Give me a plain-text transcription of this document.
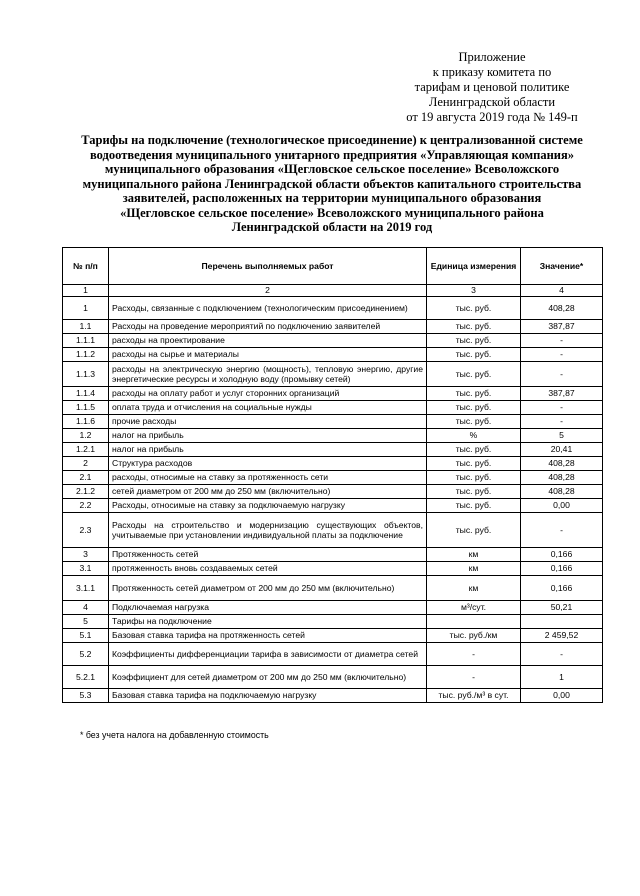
Приложение
к приказу комитета по
тарифам и ценовой политике
Ленинградской области
от 19 августа 2019 года № 149-п
Тарифы на подключение (технологическое присоединение) к централизованной системе
водоотведения муниципального унитарного предприятия «Управляющая компания»
муниципального образования «Щегловское сельское поселение» Всеволожского
муниципального района Ленинградской области объектов капитального строительства
заявителей, расположенных на территории муниципального образования
«Щегловское сельское поселение» Всеволожского муниципального района
Ленинградской области на 2019 год
№ п/п	Перечень выполняемых работ	Единица измерения	Значение*
1	2	3	4
1	Расходы, связанные с подключением (технологическим присоединением)	тыс. руб.	408,28
1.1	Расходы на проведение мероприятий по подключению заявителей	тыс. руб.	387,87
1.1.1	расходы на проектирование	тыс. руб.	-
1.1.2	расходы на сырье и материалы	тыс. руб.	-
1.1.3	расходы на электрическую энергию (мощность), тепловую энергию, другие энергетические ресурсы и холодную воду (промывку сетей)	тыс. руб.	-
1.1.4	расходы на оплату работ и услуг сторонних организаций	тыс. руб.	387,87
1.1.5	оплата труда и отчисления на социальные нужды	тыс. руб.	-
1.1.6	прочие расходы	тыс. руб.	-
1.2	налог на прибыль	%	5
1.2.1	налог на прибыль	тыс. руб.	20,41
2	Структура расходов	тыс. руб.	408,28
2.1	расходы, относимые на ставку за протяженность сети	тыс. руб.	408,28
2.1.2	сетей диаметром от 200 мм до 250 мм (включительно)	тыс. руб.	408,28
2.2	Расходы, относимые на ставку за подключаемую нагрузку	тыс. руб.	0,00
2.3	Расходы на строительство и модернизацию существующих объектов, учитываемые при установлении индивидуальной платы за подключение	тыс. руб.	-
3	Протяженность сетей	км	0,166
3.1	протяженность вновь создаваемых сетей	км	0,166
3.1.1	Протяженность сетей диаметром от 200 мм до 250 мм (включительно)	км	0,166
4	Подключаемая нагрузка	м³/сут.	50,21
5	Тарифы на подключение		
5.1	Базовая ставка тарифа на протяженность сетей	тыс. руб./км	2 459,52
5.2	Коэффициенты дифференциации тарифа в зависимости от диаметра сетей	-	-
5.2.1	Коэффициент для сетей диаметром от 200 мм до 250 мм (включительно)	-	1
5.3	Базовая ставка тарифа на подключаемую нагрузку	тыс. руб./м³ в сут.	0,00
* без учета налога на добавленную стоимость
